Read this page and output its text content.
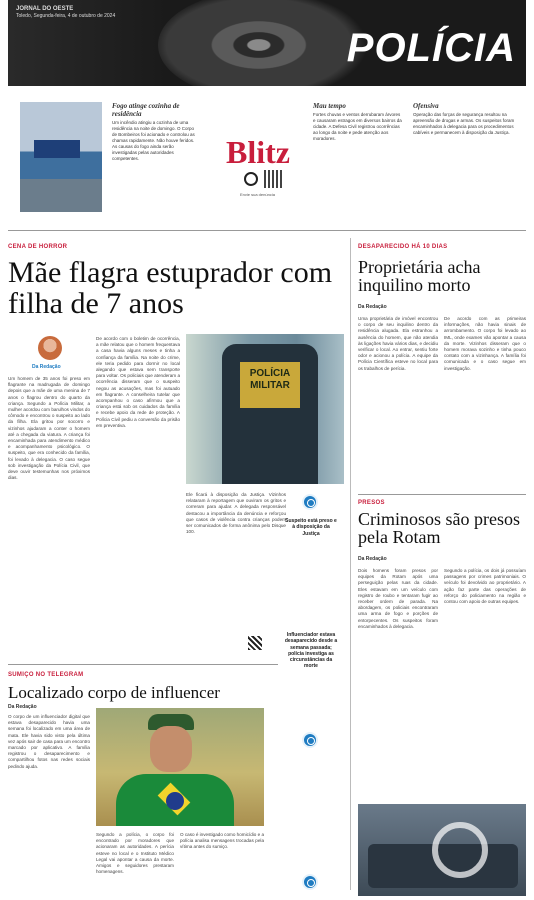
JORNAL DO OESTE
Toledo, Segunda-feira, 4 de outubro de 2024
POLÍCIA
Fogo atinge cozinha de residência

Um incêndio atingiu a cozinha de uma residência na noite de domingo. O Corpo de Bombeiros foi acionado e controlou as chamas rapidamente. Não houve feridos. As causas do fogo ainda serão investigadas pelas autoridades competentes.	Blitz
Envie sua denúncia
Mau tempo

Fortes chuvas e ventos derrubaram árvores e causaram estragos em diversos bairros da cidade. A Defesa Civil registrou ocorrências ao longo da noite e pede atenção aos moradores.

Ofensiva

Operação das forças de segurança resultou na apreensão de drogas e armas. Os suspeitos foram encaminhados à delegacia para os procedimentos cabíveis e permanecem à disposição da Justiça.

CENA DE HORROR
Mãe flagra estuprador com filha de 7 anos
Da Redação
Um homem de 35 anos foi preso em flagrante na madrugada de domingo depois que a mãe de uma menina de 7 anos o flagrou dentro do quarto da criança. Segundo a Polícia Militar, a mulher acordou com barulhos vindos do cômodo e encontrou o suspeito ao lado da filha. Ela gritou por socorro e vizinhos ajudaram a conter o homem até a chegada da viatura. A criança foi encaminhada para atendimento médico e acompanhamento psicológico. O suspeito, que era conhecido da família, foi levado à delegacia. O caso segue sob investigação da Polícia Civil, que deve ouvir testemunhas nos próximos dias.
De acordo com o boletim de ocorrência, a mãe relatou que o homem frequentava a casa havia alguns meses e tinha a confiança da família. Na noite do crime, ele teria pedido para dormir no local alegando que estava sem transporte para voltar. Os policiais que atenderam a ocorrência disseram que o suspeito negou as acusações, mas foi autuado em flagrante. A conselheira tutelar que acompanhou o caso afirmou que a criança está sob os cuidados da família e recebe apoio da rede de proteção. A Polícia Civil pediu a conversão da prisão em preventiva.
POLÍCIA MILITAR
Ele ficará à disposição da Justiça. Vizinhos relataram à reportagem que ouviram os gritos e correram para ajudar. A delegada responsável destacou a importância da denúncia e reforçou que casos de violência contra crianças podem ser comunicados de forma anônima pelo Disque 100.
Suspeito está preso e à disposição da Justiça
SUMIÇO NO TELEGRAM
Localizado corpo de influencer
Da Redação
O corpo de um influenciador digital que estava desaparecido havia uma semana foi localizado em uma área de mata. Ele havia sido visto pela última vez após sair de casa para um encontro marcado por aplicativo. A família registrou o desaparecimento e compartilhou fotos nas redes sociais pedindo ajuda.
Segundo a polícia, o corpo foi encontrado por moradores que acionaram as autoridades. A perícia esteve no local e o Instituto Médico Legal vai apontar a causa da morte. Amigos e seguidores prestaram homenagens.
O caso é investigado como homicídio e a polícia analisa mensagens trocadas pela vítima antes do sumiço.
Influenciador estava desaparecido desde a semana passada; polícia investiga as circunstâncias da morte
DESAPARECIDO HÁ 10 DIAS
Proprietária acha inquilino morto
Da Redação
Uma proprietária de imóvel encontrou o corpo de seu inquilino dentro da residência alugada. Ela estranhou a ausência do homem, que não atendia às ligações havia vários dias, e decidiu verificar o local. Ao entrar, sentiu forte odor e acionou a polícia. A equipe da Polícia Científica esteve no local para os trabalhos de perícia.
De acordo com as primeiras informações, não havia sinais de arrombamento. O corpo foi levado ao IML, onde exames vão apontar a causa da morte. Vizinhos disseram que o homem morava sozinho e tinha pouco contato com a vizinhança. A família foi comunicada e o caso segue em investigação.
PRESOS
Criminosos são presos pela Rotam
Da Redação
Dois homens foram presos por equipes da Rotam após uma perseguição pelas ruas da cidade. Eles estavam em um veículo com registro de roubo e tentaram fugir ao receber ordem de parada. Na abordagem, os policiais encontraram uma arma de fogo e porções de entorpecentes. Os suspeitos foram encaminhados à delegacia.
Segundo a polícia, os dois já possuíam passagens por crimes patrimoniais. O veículo foi devolvido ao proprietário. A ação faz parte das operações de reforço do policiamento na região e contou com apoio de outras equipes.
